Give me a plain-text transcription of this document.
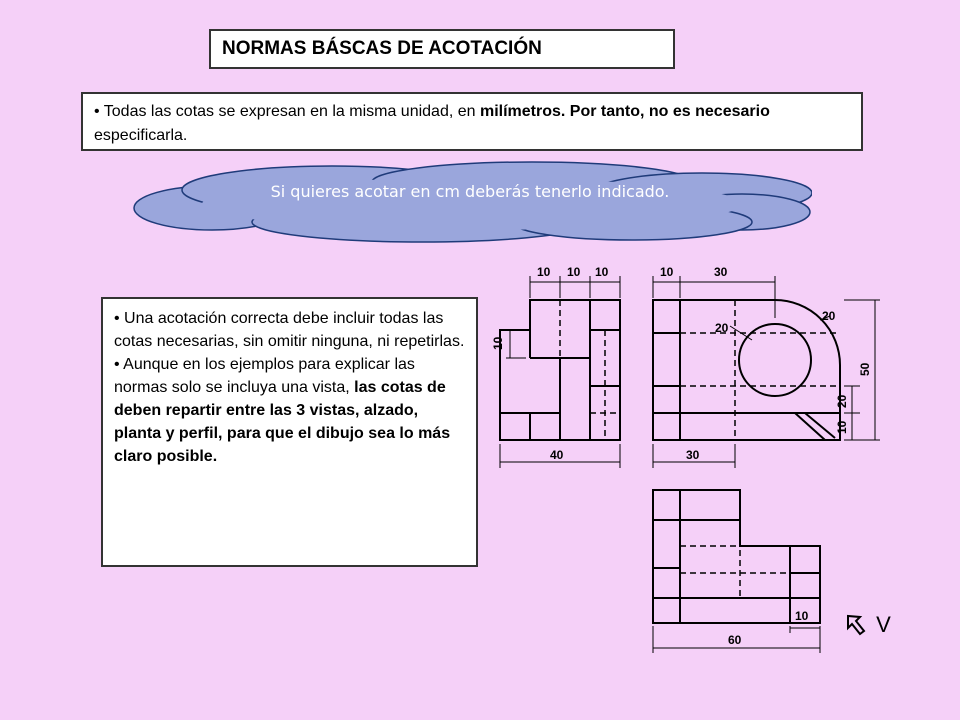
NORMAS BÁSCAS DE ACOTACIÓN
• Todas las cotas se expresan en la misma unidad, en milímetros. Por tanto, no es necesario especificarla.
Si quieres acotar en cm deberás tenerlo indicado.
• Una acotación correcta debe incluir todas las cotas necesarias, sin omitir ninguna, ni repetirlas.
• Aunque en los ejemplos para explicar las normas solo se incluya una vista, las cotas de deben repartir entre las 3 vistas, alzado, planta y perfil, para que el dibujo sea lo más claro posible.
10 10 10
10
40
10	30
20
20
20
10
50
30
10
60
V
